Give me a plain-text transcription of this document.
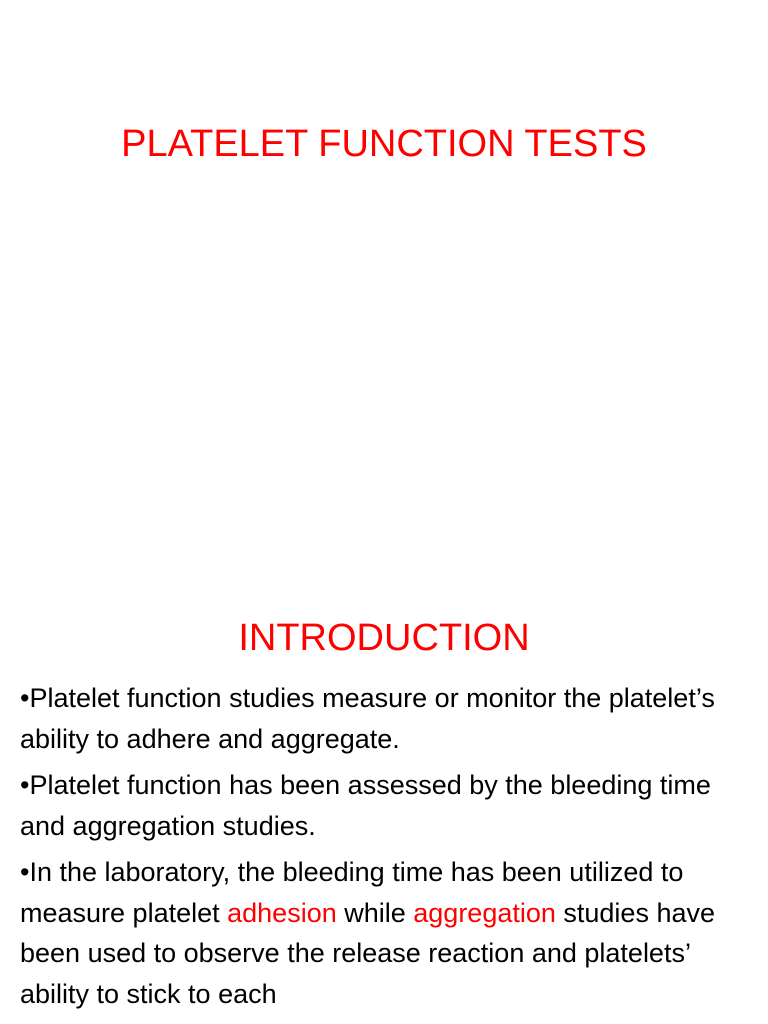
PLATELET FUNCTION TESTS
INTRODUCTION

•Platelet function studies measure or monitor the platelet’s ability to adhere and aggregate.

•Platelet function has been assessed by the bleeding time and aggregation studies.

•In the laboratory, the bleeding time has been utilized to measure platelet adhesion while aggregation studies have been used to observe the release reaction and platelets’ ability to stick to each
